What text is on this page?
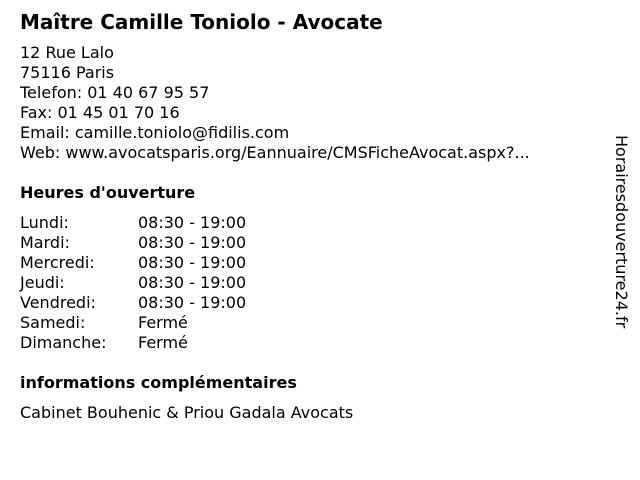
Maître Camille Toniolo - Avocate
12 Rue Lalo
75116 Paris
Telefon: 01 40 67 95 57
Fax: 01 45 01 70 16
Email: camille.toniolo@fidilis.com
Web: www.avocatsparis.org/Eannuaire/CMSFicheAvocat.aspx?...
Heures d'ouverture
Lundi:	08:30 - 19:00
Mardi:	08:30 - 19:00
Mercredi:	08:30 - 19:00
Jeudi:	08:30 - 19:00
Vendredi:	08:30 - 19:00
Samedi:	Fermé
Dimanche: Fermé
informations complémentaires
Cabinet Bouhenic & Priou Gadala Avocats
Horairesdouverture24.fr
